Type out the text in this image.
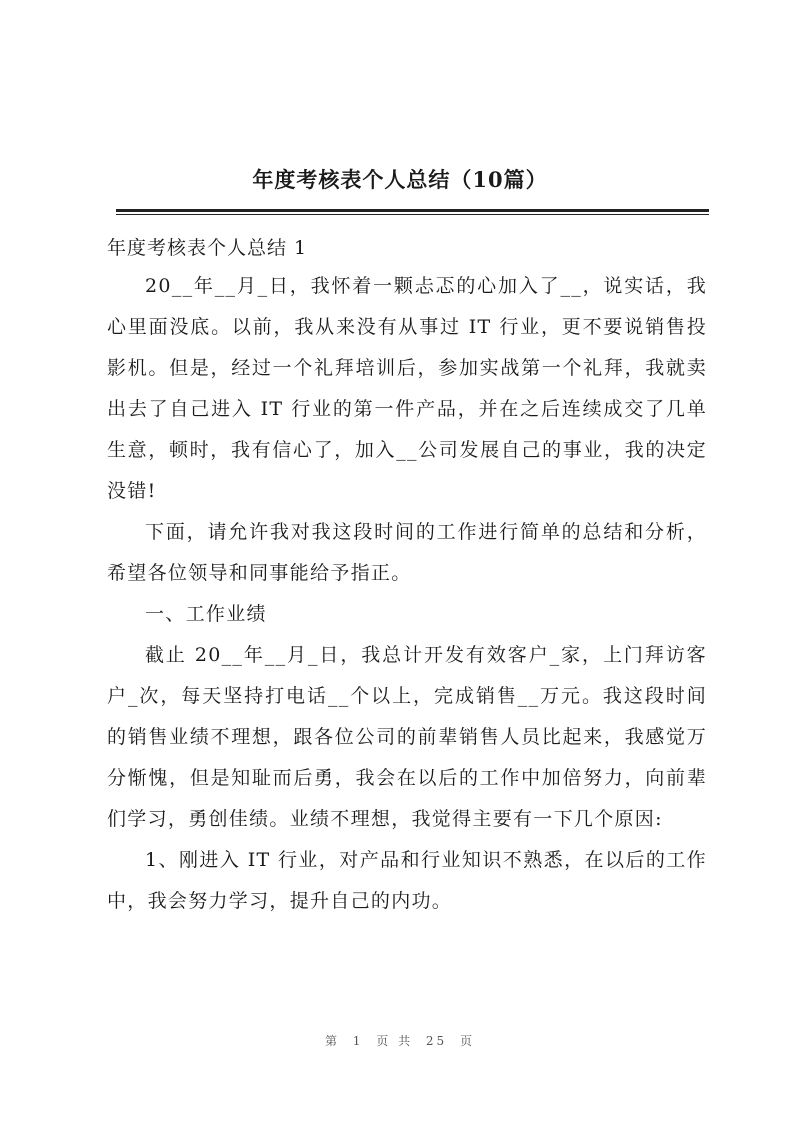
年度考核表个人总结（10篇）

年度考核表个人总结 1

20__年__月_日，我怀着一颗忐忑的心加入了__，说实话，我心里面没底。以前，我从来没有从事过 IT 行业，更不要说销售投影机。但是，经过一个礼拜培训后，参加实战第一个礼拜，我就卖出去了自己进入 IT 行业的第一件产品，并在之后连续成交了几单生意，顿时，我有信心了，加入__公司发展自己的事业，我的决定没错!

下面，请允许我对我这段时间的工作进行简单的总结和分析，希望各位领导和同事能给予指正。

一、工作业绩

截止 20__年__月_日，我总计开发有效客户_家，上门拜访客户_次，每天坚持打电话__个以上，完成销售__万元。我这段时间的销售业绩不理想，跟各位公司的前辈销售人员比起来，我感觉万分惭愧，但是知耻而后勇，我会在以后的工作中加倍努力，向前辈们学习，勇创佳绩。业绩不理想，我觉得主要有一下几个原因:

1、刚进入 IT 行业，对产品和行业知识不熟悉，在以后的工作中，我会努力学习，提升自己的内功。

第 1 页 共 25 页
